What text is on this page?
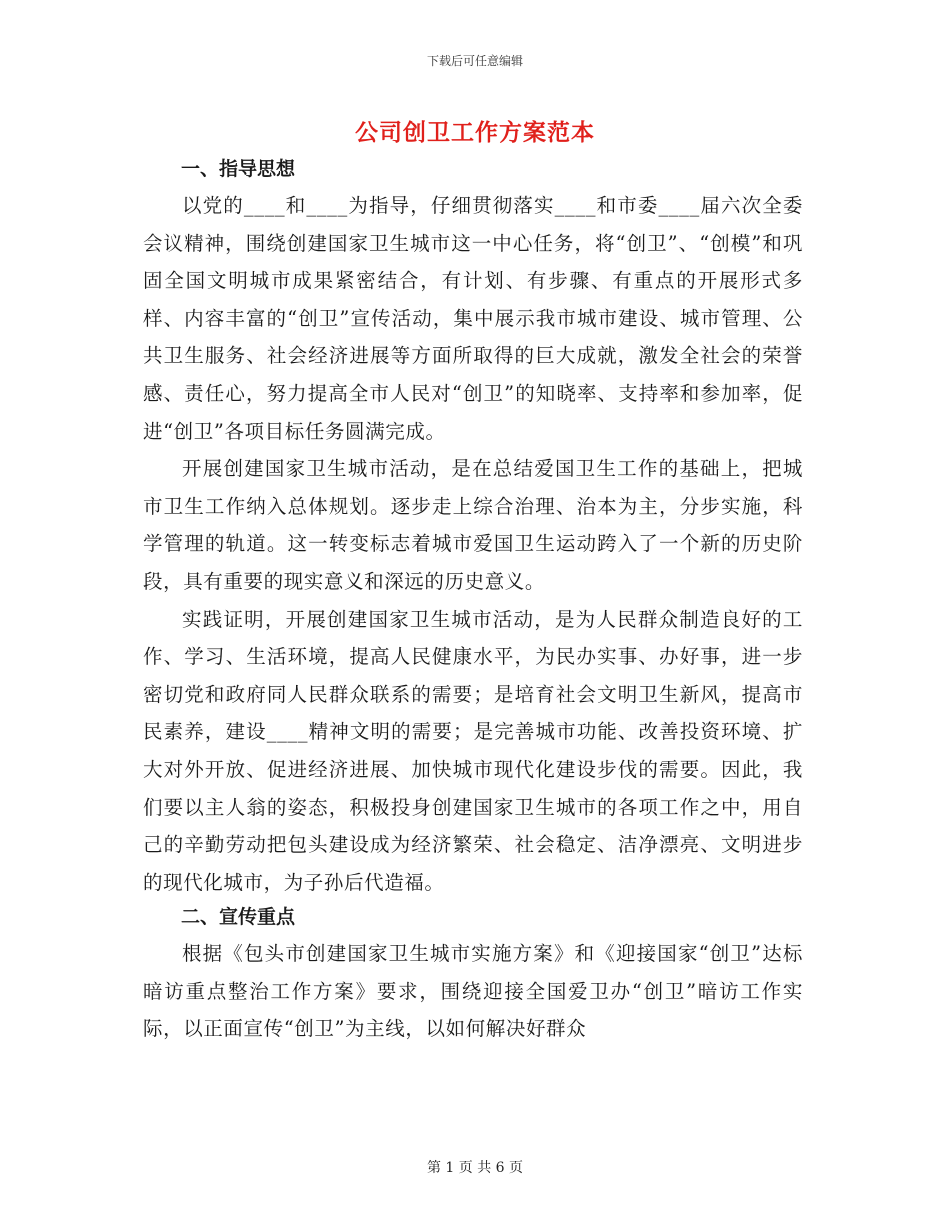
下载后可任意编辑
公司创卫工作方案范本
一、指导思想

以党的____和____为指导，仔细贯彻落实____和市委____届六次全委会议精神，围绕创建国家卫生城市这一中心任务，将“创卫”、“创模”和巩固全国文明城市成果紧密结合，有计划、有步骤、有重点的开展形式多样、内容丰富的“创卫”宣传活动，集中展示我市城市建设、城市管理、公共卫生服务、社会经济进展等方面所取得的巨大成就，激发全社会的荣誉感、责任心，努力提高全市人民对“创卫”的知晓率、支持率和参加率，促进“创卫”各项目标任务圆满完成。

开展创建国家卫生城市活动，是在总结爱国卫生工作的基础上，把城市卫生工作纳入总体规划。逐步走上综合治理、治本为主，分步实施，科学管理的轨道。这一转变标志着城市爱国卫生运动跨入了一个新的历史阶段，具有重要的现实意义和深远的历史意义。

实践证明，开展创建国家卫生城市活动，是为人民群众制造良好的工作、学习、生活环境，提高人民健康水平，为民办实事、办好事，进一步密切党和政府同人民群众联系的需要；是培育社会文明卫生新风，提高市民素养，建设____精神文明的需要；是完善城市功能、改善投资环境、扩大对外开放、促进经济进展、加快城市现代化建设步伐的需要。因此，我们要以主人翁的姿态，积极投身创建国家卫生城市的各项工作之中，用自己的辛勤劳动把包头建设成为经济繁荣、社会稳定、洁净漂亮、文明进步的现代化城市，为子孙后代造福。

二、宣传重点

根据《包头市创建国家卫生城市实施方案》和《迎接国家“创卫”达标暗访重点整治工作方案》要求，围绕迎接全国爱卫办“创卫”暗访工作实际，以正面宣传“创卫”为主线，以如何解决好群众

第 1 页 共 6 页
